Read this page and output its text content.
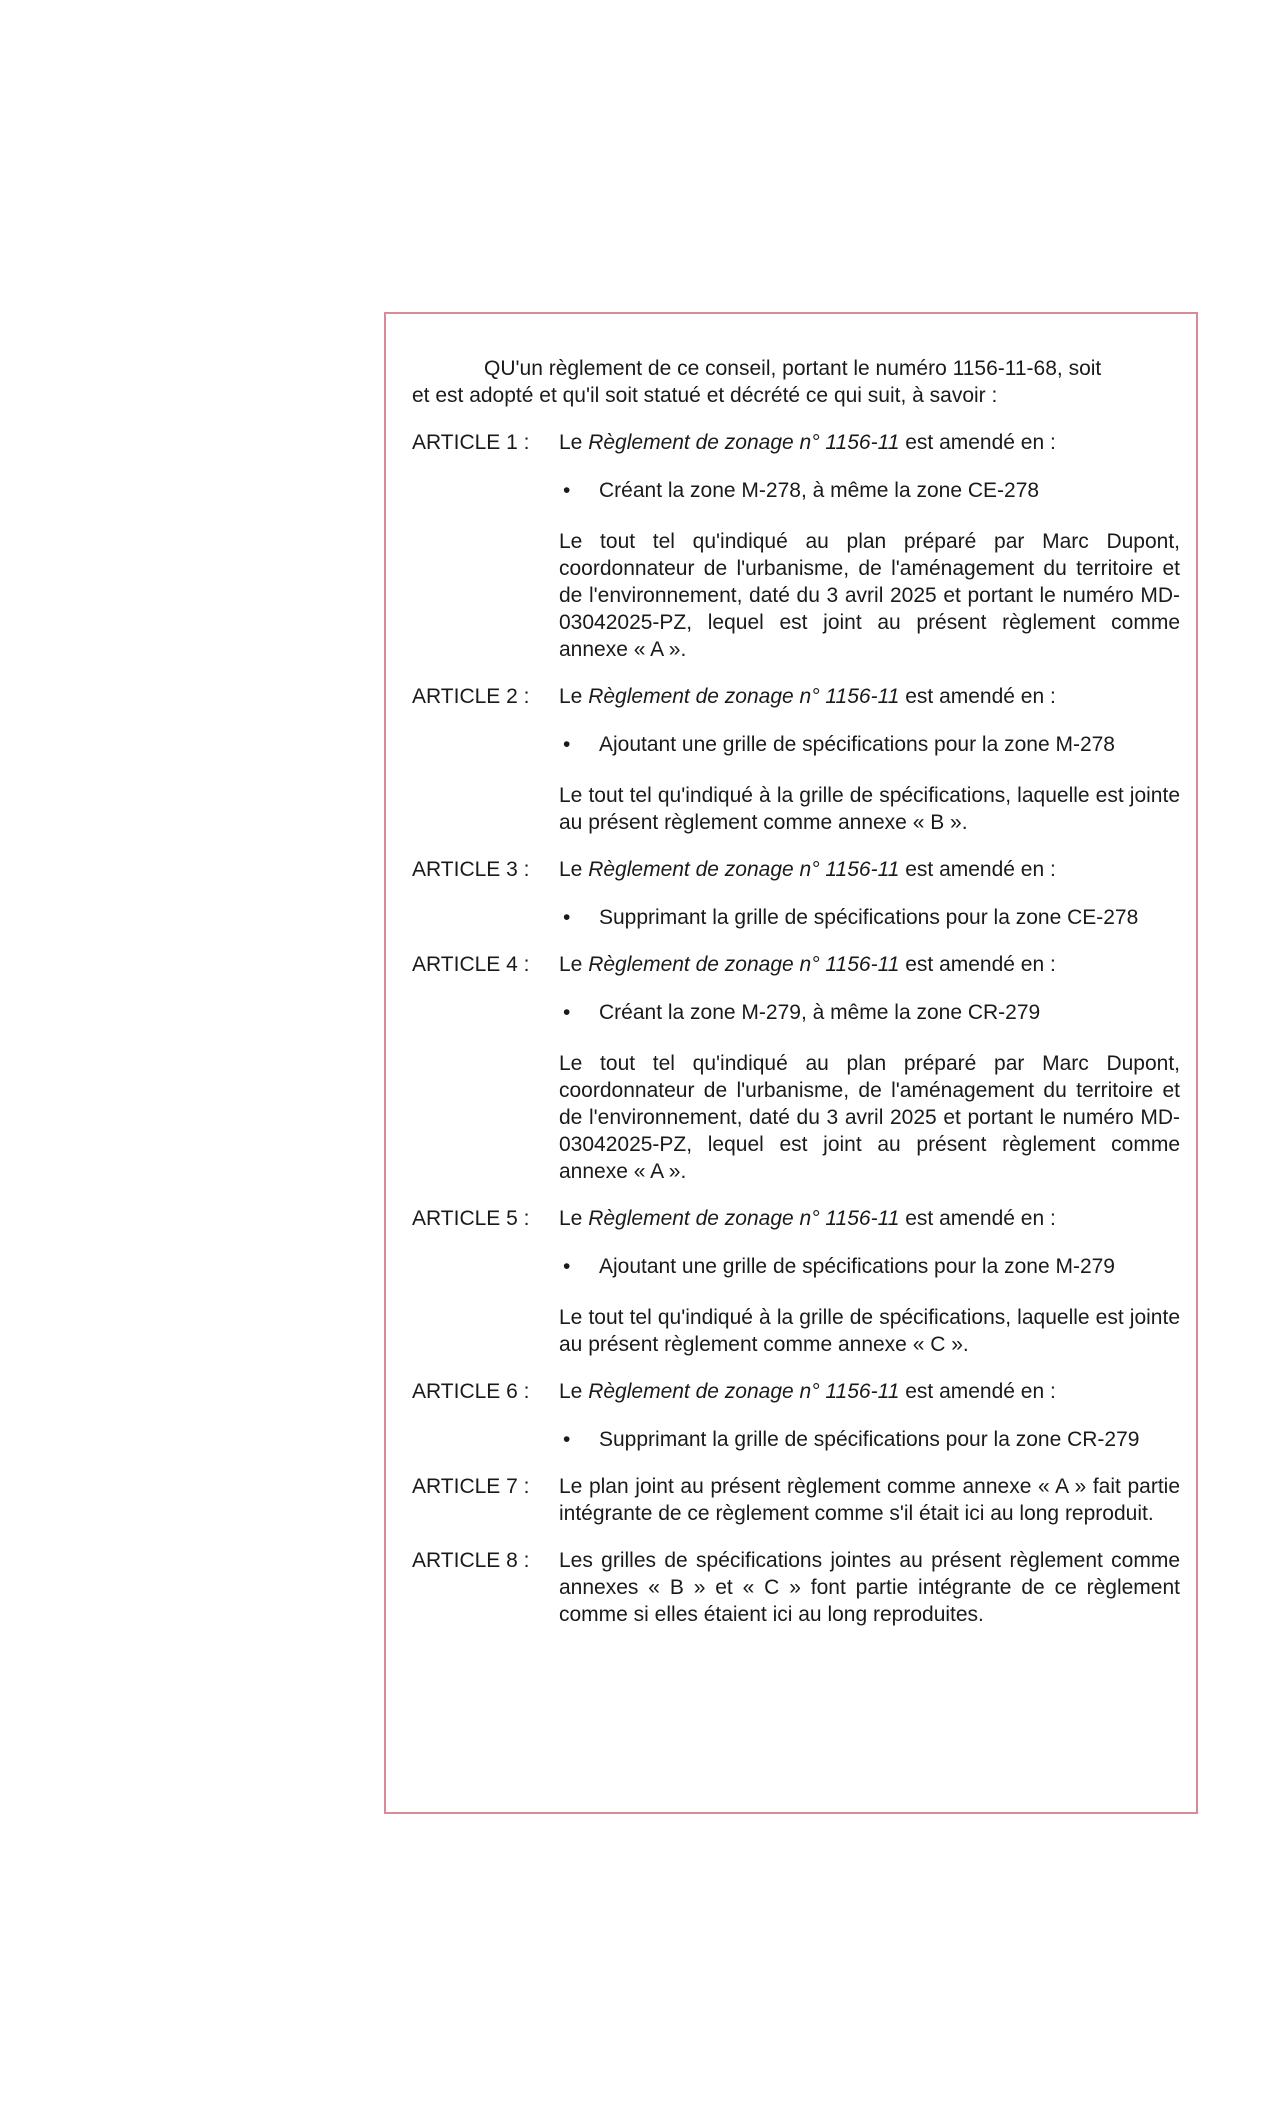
QU'un règlement de ce conseil, portant le numéro 1156-11-68, soit
et est adopté et qu'il soit statué et décrété ce qui suit, à savoir :
ARTICLE 1 :	Le Règlement de zonage n° 1156-11 est amendé en :
•	Créant la zone M-278, à même la zone CE-278
Le tout tel qu'indiqué au plan préparé par Marc Dupont, coordonnateur de l'urbanisme, de l'aménagement du territoire et de l'environnement, daté du 3 avril 2025 et portant le numéro MD-03042025-PZ, lequel est joint au présent règlement comme annexe « A ».
ARTICLE 2 :	Le Règlement de zonage n° 1156-11 est amendé en :
•	Ajoutant une grille de spécifications pour la zone M-278
Le tout tel qu'indiqué à la grille de spécifications, laquelle est jointe au présent règlement comme annexe « B ».
ARTICLE 3 :	Le Règlement de zonage n° 1156-11 est amendé en :
•	Supprimant la grille de spécifications pour la zone CE-278
ARTICLE 4 :	Le Règlement de zonage n° 1156-11 est amendé en :
•	Créant la zone M-279, à même la zone CR-279
Le tout tel qu'indiqué au plan préparé par Marc Dupont, coordonnateur de l'urbanisme, de l'aménagement du territoire et de l'environnement, daté du 3 avril 2025 et portant le numéro MD-03042025-PZ, lequel est joint au présent règlement comme annexe « A ».
ARTICLE 5 :	Le Règlement de zonage n° 1156-11 est amendé en :
•	Ajoutant une grille de spécifications pour la zone M-279
Le tout tel qu'indiqué à la grille de spécifications, laquelle est jointe au présent règlement comme annexe « C ».
ARTICLE 6 :	Le Règlement de zonage n° 1156-11 est amendé en :
•	Supprimant la grille de spécifications pour la zone CR-279
ARTICLE 7 :	Le plan joint au présent règlement comme annexe « A » fait partie intégrante de ce règlement comme s'il était ici au long reproduit.
ARTICLE 8 :	Les grilles de spécifications jointes au présent règlement comme annexes « B » et « C » font partie intégrante de ce règlement comme si elles étaient ici au long reproduites.
